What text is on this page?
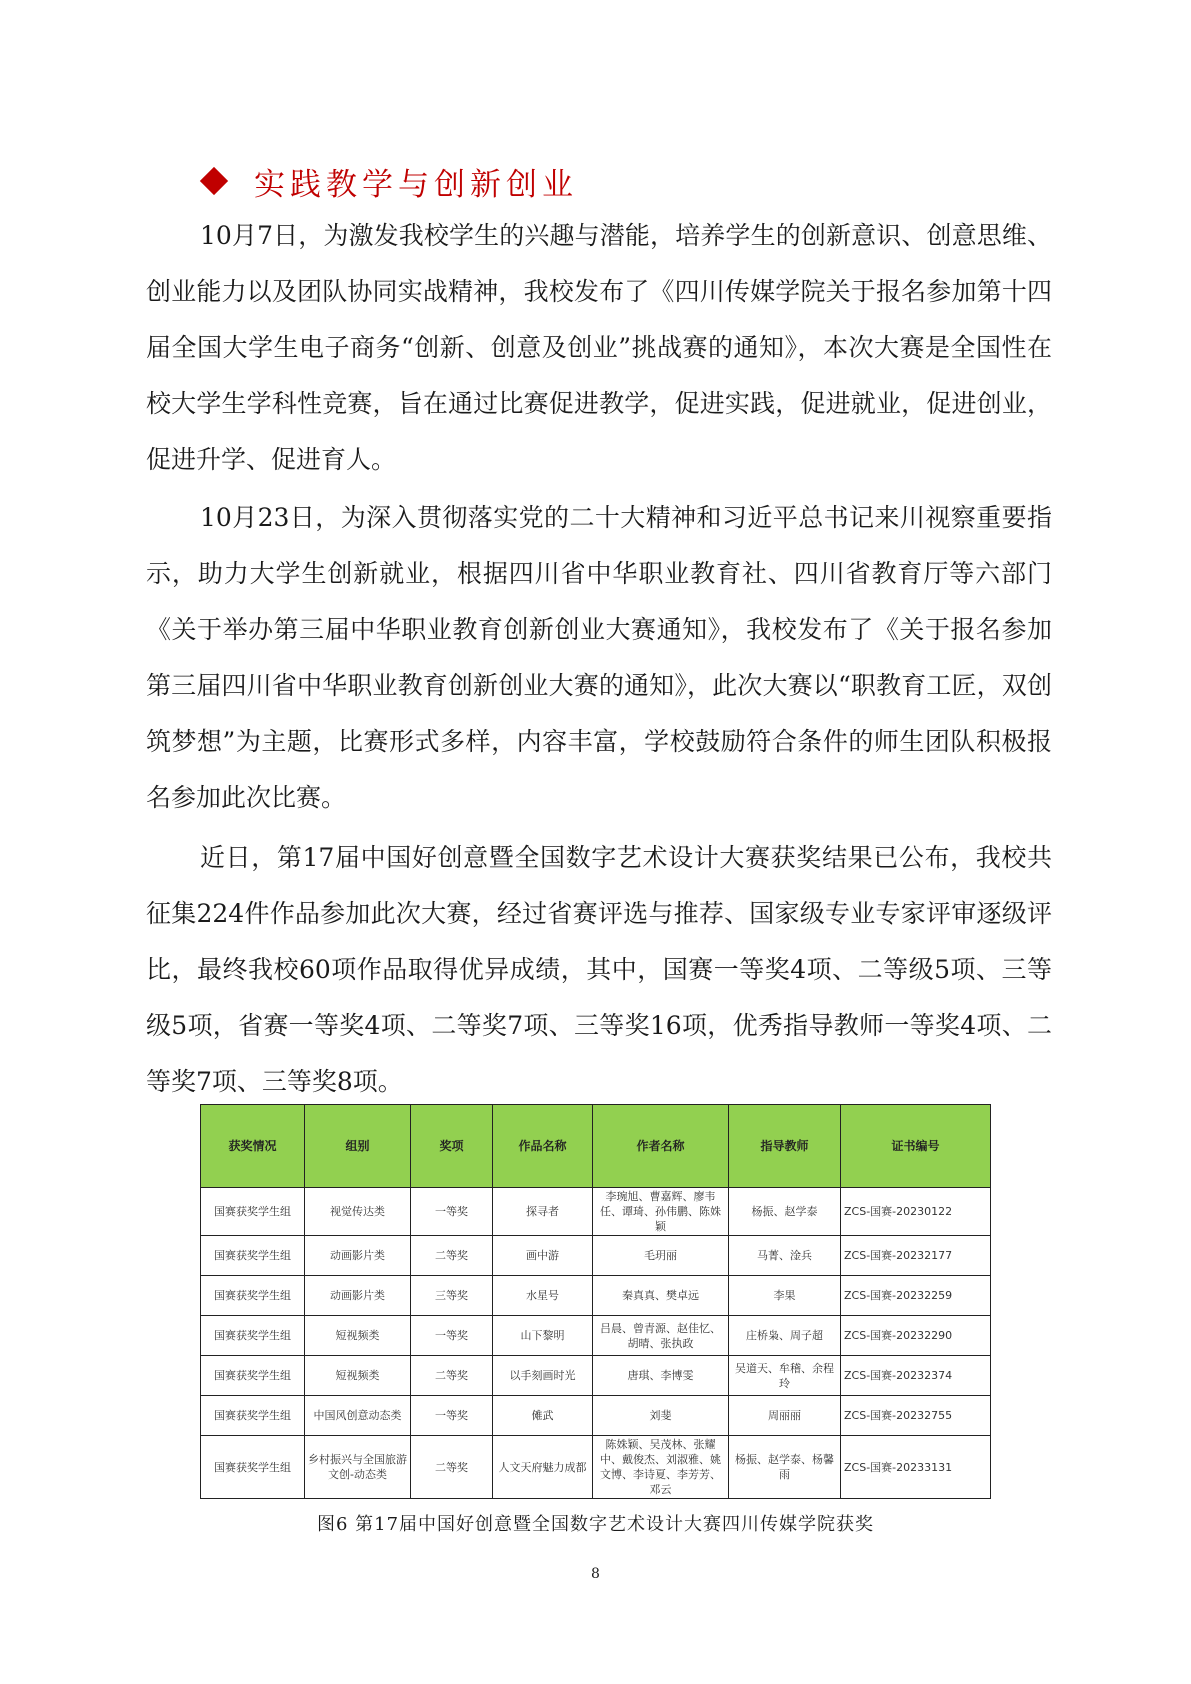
实践教学与创新创业

10月7日，为激发我校学生的兴趣与潜能，培养学生的创新意识、创意思维、创业能力以及团队协同实战精神，我校发布了《四川传媒学院关于报名参加第十四届全国大学生电子商务“创新、创意及创业”挑战赛的通知》，本次大赛是全国性在校大学生学科性竞赛，旨在通过比赛促进教学，促进实践，促进就业，促进创业，促进升学、促进育人。

10月23日，为深入贯彻落实党的二十大精神和习近平总书记来川视察重要指示，助力大学生创新就业，根据四川省中华职业教育社、四川省教育厅等六部门《关于举办第三届中华职业教育创新创业大赛通知》，我校发布了《关于报名参加第三届四川省中华职业教育创新创业大赛的通知》，此次大赛以“职教育工匠，双创筑梦想”为主题，比赛形式多样，内容丰富，学校鼓励符合条件的师生团队积极报名参加此次比赛。

近日，第17届中国好创意暨全国数字艺术设计大赛获奖结果已公布，我校共征集224件作品参加此次大赛，经过省赛评选与推荐、国家级专业专家评审逐级评比，最终我校60项作品取得优异成绩，其中，国赛一等奖4项、二等级5项、三等级5项，省赛一等奖4项、二等奖7项、三等奖16项，优秀指导教师一等奖4项、二等奖7项、三等奖8项。

获奖情况	组别	奖项	作品名称	作者名称	指导教师	证书编号
国赛获奖学生组	视觉传达类	一等奖	探寻者	李琬旭、曹嘉辉、廖韦任、谭琦、孙伟鹏、陈姝颖	杨振、赵学泰	ZCS-国赛-20230122
国赛获奖学生组	动画影片类	二等奖	画中游	毛玥丽	马菁、淦兵	ZCS-国赛-20232177
国赛获奖学生组	动画影片类	三等奖	水星号	秦真真、樊卓远	李果	ZCS-国赛-20232259
国赛获奖学生组	短视频类	一等奖	山下黎明	吕晨、曾青源、赵佳忆、胡晴、张执政	庄桥枭、周子超	ZCS-国赛-20232290
国赛获奖学生组	短视频类	二等奖	以手刻画时光	唐琪、李博雯	吴道天、牟稽、余程玲	ZCS-国赛-20232374
国赛获奖学生组	中国风创意动态类	一等奖	傩武	刘斐	周丽丽	ZCS-国赛-20232755
国赛获奖学生组	乡村振兴与全国旅游文创-动态类	二等奖	人文天府魅力成都	陈姝颖、吴茂林、张耀中、戴俊杰、刘淑雅、姚文博、李诗夏、李芳芳、邓云	杨振、赵学泰、杨馨雨	ZCS-国赛-20233131
图6 第17届中国好创意暨全国数字艺术设计大赛四川传媒学院获奖
8
